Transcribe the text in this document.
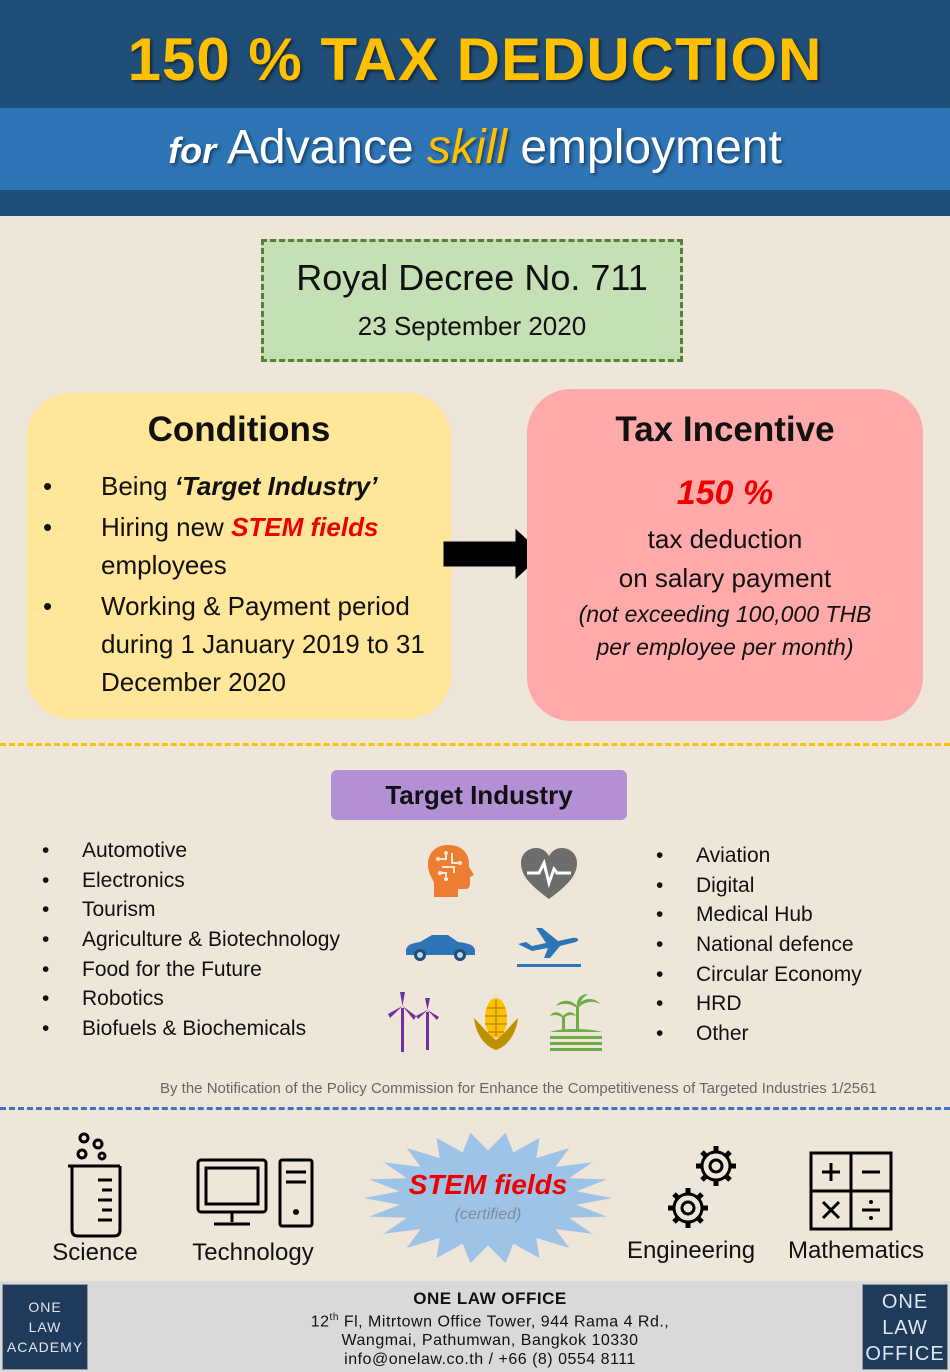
150 % TAX DEDUCTION
for Advance skill employment
Royal Decree No. 711
23 September 2020
Conditions
• Being ‘Target Industry’
• Hiring new STEM fields employees
• Working & Payment period during 1 January 2019 to 31 December 2020
Tax Incentive
150 %
tax deduction
on salary payment
(not exceeding 100,000 THB
per employee per month)
Target Industry
• Automotive
• Electronics
• Tourism
• Agriculture & Biotechnology
• Food for the Future
• Robotics
• Biofuels & Biochemicals
• Aviation
• Digital
• Medical Hub
• National defence
• Circular Economy
• HRD
• Other
By the Notification of the Policy Commission for Enhance the Competitiveness of Targeted Industries 1/2561
Science	Technology
STEM fields
(certified)
Engineering	Mathematics
ONE
LAW
ACADEMY
ONE LAW OFFICE
12th Fl, Mitrtown Office Tower, 944 Rama 4 Rd.,
Wangmai, Pathumwan, Bangkok 10330
info@onelaw.co.th / +66 (8) 0554 8111
ONE
LAW
OFFICE
